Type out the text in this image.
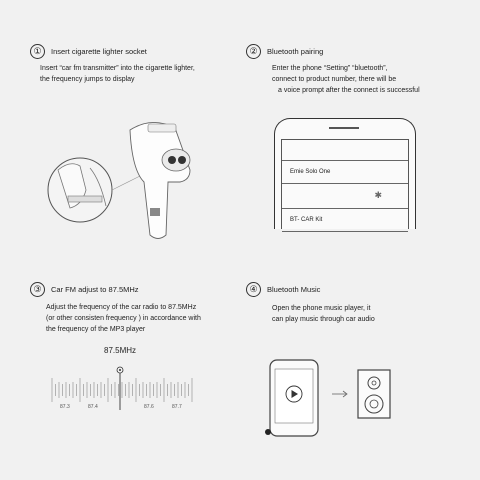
①	Insert cigarette lighter socket
Insert “car fm transmitter” into the cigarette lighter,
the frequency jumps to display
②	Bluetooth pairing
Enter the phone “Setting” “bluetooth”,
connect to product number, there will be
a voice prompt after the connect is successful
Emie Solo One
✱
BT- CAR Kit
③	Car FM adjust to 87.5MHz
Adjust the frequency of the car radio to 87.5MHz
(or other consisten frequency ) in accordance with
the frequency of the MP3 player
87.5MHz
87.3	87.4	87.6	87.7
④	Bluetooth Music
Open the phone music player, it
can play music through car audio
